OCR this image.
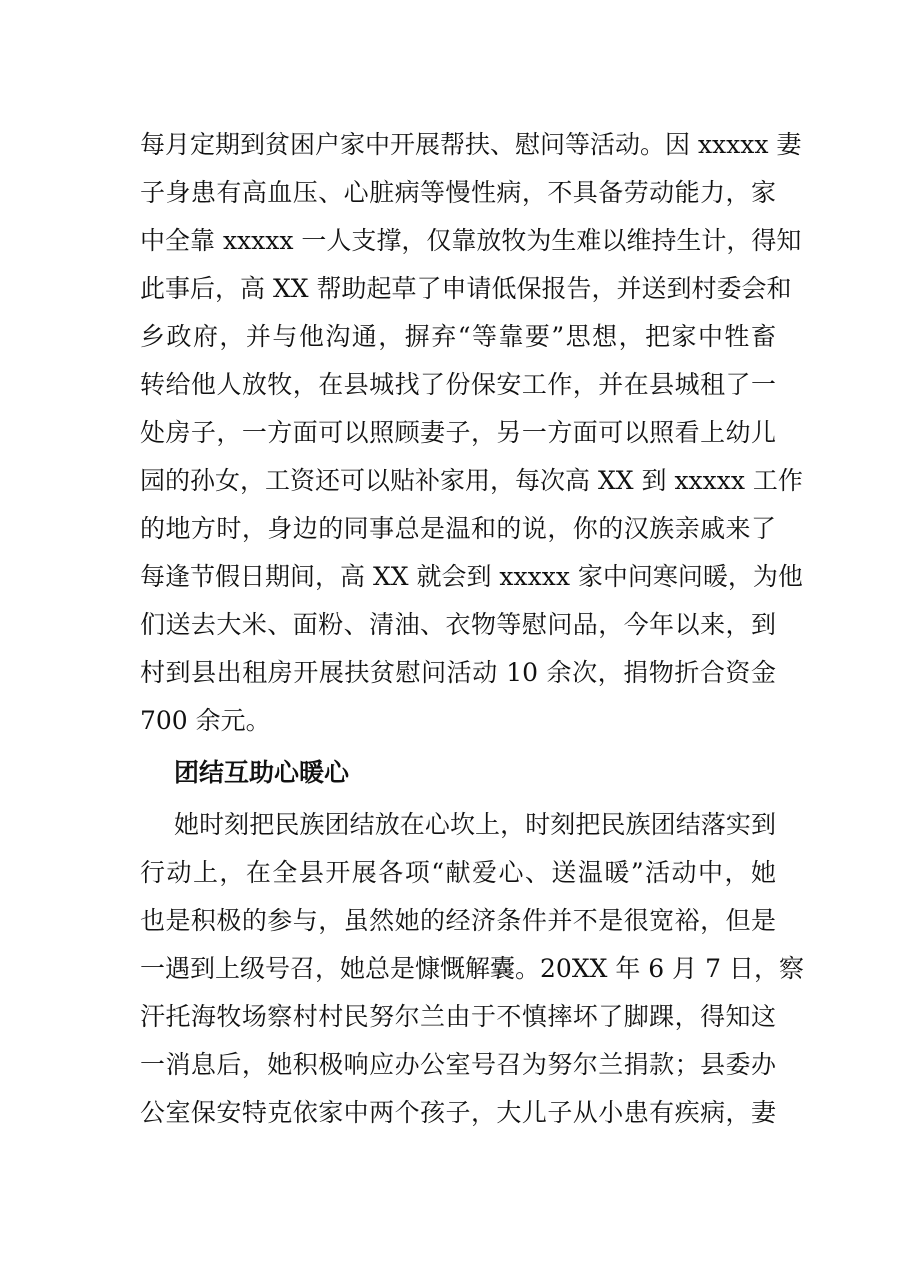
每月定期到贫困户家中开展帮扶、慰问等活动。因 xxxxx 妻
子身患有高血压、心脏病等慢性病，不具备劳动能力，家
中全靠 xxxxx 一人支撑，仅靠放牧为生难以维持生计，得知
此事后，高 XX 帮助起草了申请低保报告，并送到村委会和
乡政府，并与他沟通，摒弃“等靠要”思想，把家中牲畜
转给他人放牧，在县城找了份保安工作，并在县城租了一
处房子，一方面可以照顾妻子，另一方面可以照看上幼儿
园的孙女，工资还可以贴补家用，每次高 XX 到 xxxxx 工作
的地方时，身边的同事总是温和的说，你的汉族亲戚来了
每逢节假日期间，高 XX 就会到 xxxxx 家中问寒问暖，为他
们送去大米、面粉、清油、衣物等慰问品，今年以来，到
村到县出租房开展扶贫慰问活动 10 余次，捐物折合资金
700 余元。
团结互助心暖心
她时刻把民族团结放在心坎上，时刻把民族团结落实到
行动上，在全县开展各项“献爱心、送温暖”活动中，她
也是积极的参与，虽然她的经济条件并不是很宽裕，但是
一遇到上级号召，她总是慷慨解囊。20XX 年 6 月 7 日，察
汗托海牧场察村村民努尔兰由于不慎摔坏了脚踝，得知这
一消息后，她积极响应办公室号召为努尔兰捐款；县委办
公室保安特克依家中两个孩子，大儿子从小患有疾病，妻
